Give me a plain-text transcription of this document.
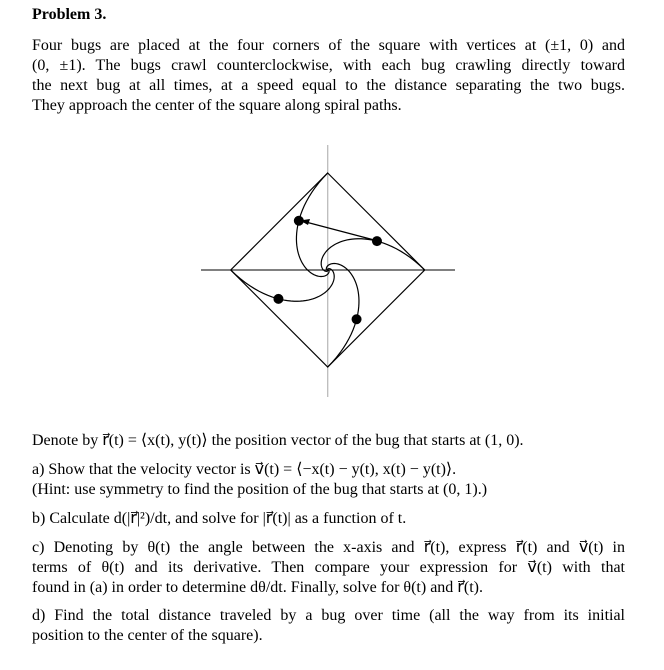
Problem 3.
Four bugs are placed at the four corners of the square with vertices at (±1, 0) and
(0, ±1). The bugs crawl counterclockwise, with each bug crawling directly toward
the next bug at all times, at a speed equal to the distance separating the two bugs.
They approach the center of the square along spiral paths.
Denote by r⃗(t) = ⟨x(t), y(t)⟩ the position vector of the bug that starts at (1, 0).
a) Show that the velocity vector is v⃗(t) = ⟨−x(t) − y(t), x(t) − y(t)⟩.
(Hint: use symmetry to find the position of the bug that starts at (0, 1).)
b) Calculate d(|r⃗|²)/dt, and solve for |r⃗(t)| as a function of t.
c) Denoting by θ(t) the angle between the x-axis and r⃗(t), express r⃗(t) and v⃗(t) in
terms of θ(t) and its derivative. Then compare your expression for v⃗(t) with that
found in (a) in order to determine dθ/dt. Finally, solve for θ(t) and r⃗(t).
d) Find the total distance traveled by a bug over time (all the way from its initial
position to the center of the square).
